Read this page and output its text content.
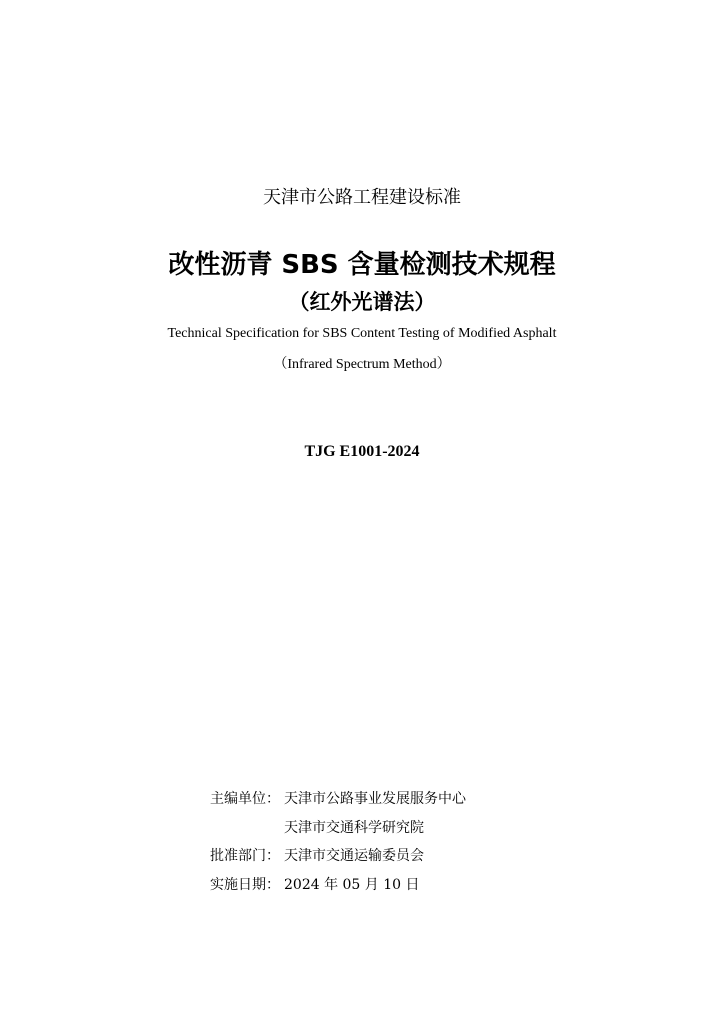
天津市公路工程建设标准
改性沥青 SBS 含量检测技术规程
（红外光谱法）
Technical Specification for SBS Content Testing of Modified Asphalt
（Infrared Spectrum Method）
TJG E1001-2024
主编单位： 天津市公路事业发展服务中心
天津市交通科学研究院
批准部门： 天津市交通运输委员会
实施日期： 2024 年 05 月 10 日
